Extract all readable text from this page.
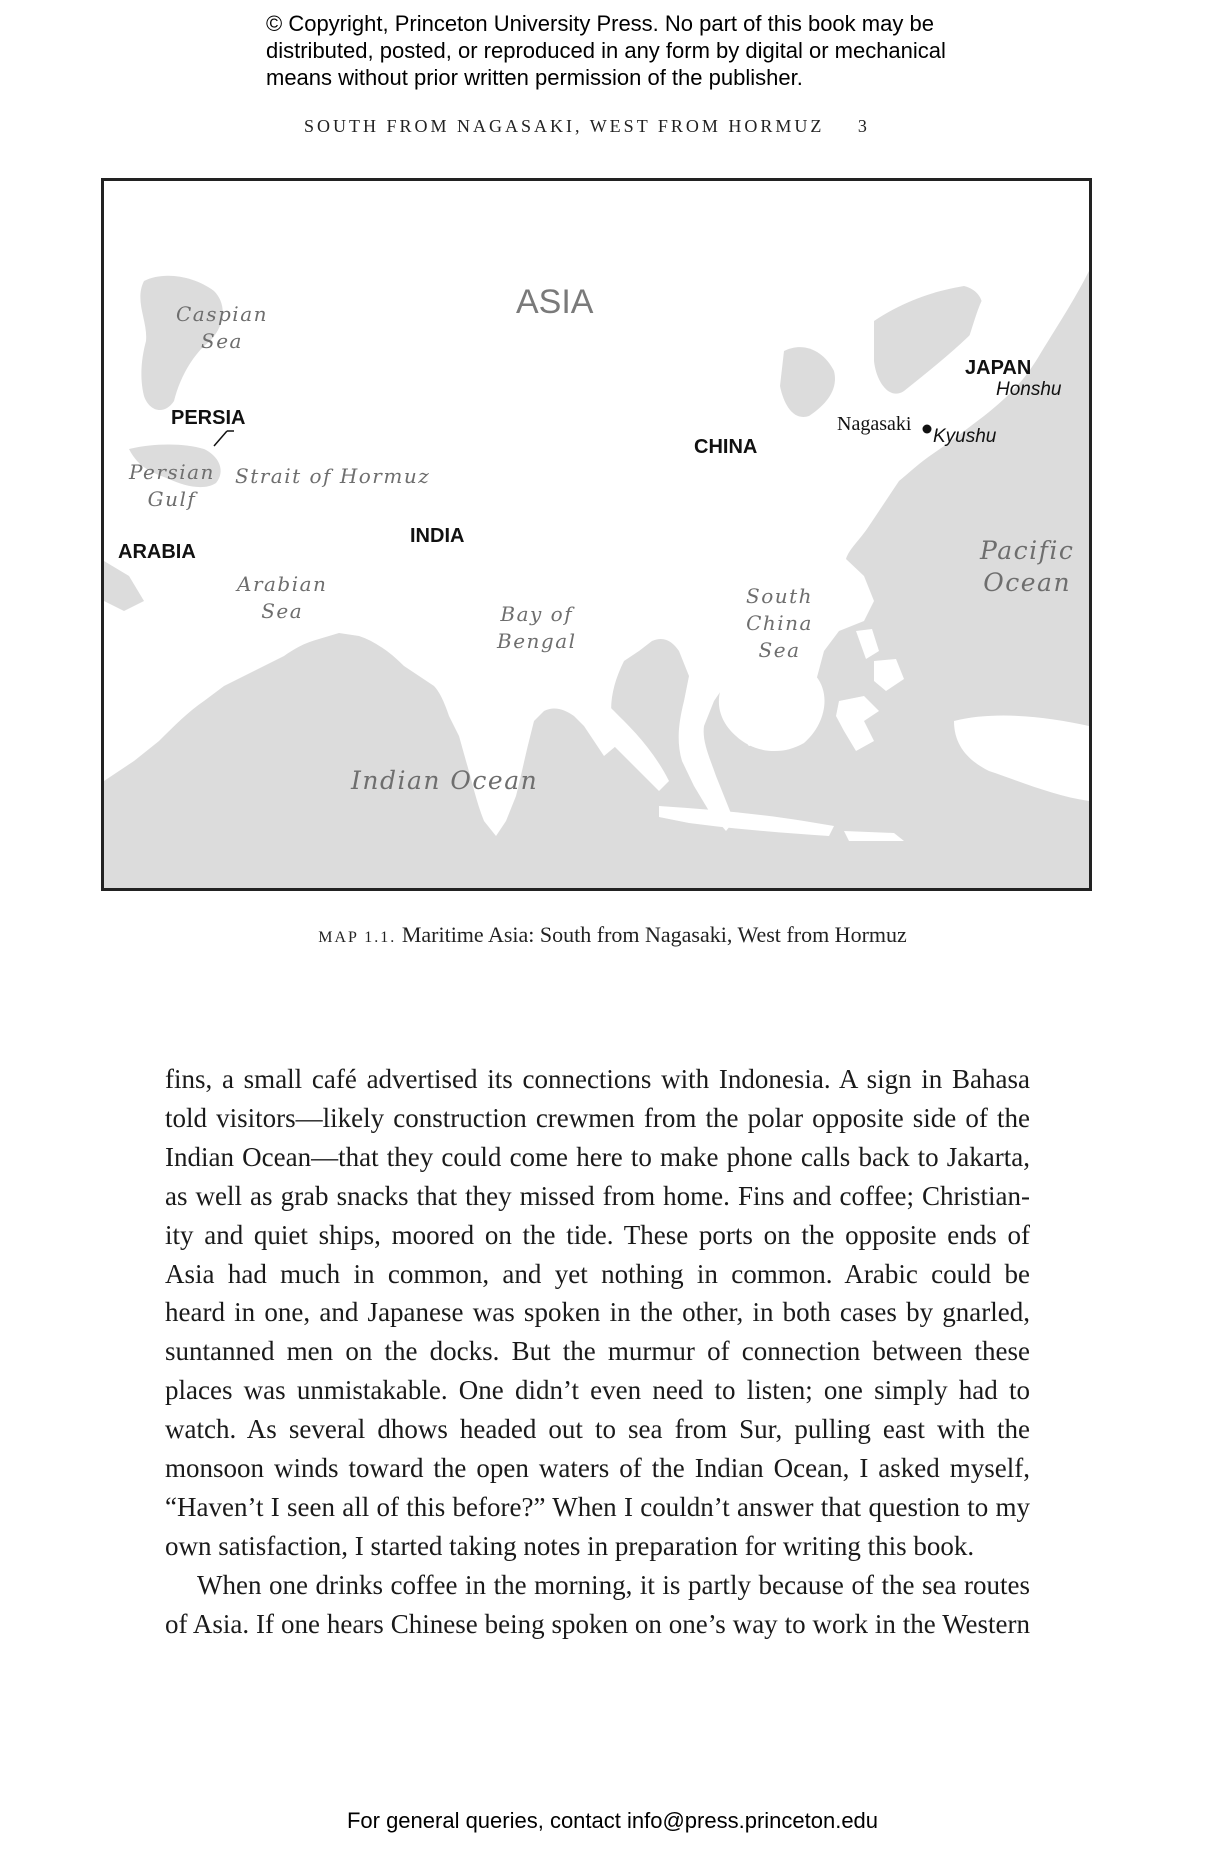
© Copyright, Princeton University Press. No part of this book may be
distributed, posted, or reproduced in any form by digital or mechanical
means without prior written permission of the publisher.
SOUTH FROM NAGASAKI, WEST FROM HORMUZ 3
ASIA
Caspian
Sea
PERSIA
Persian
Gulf
Strait of Hormuz
ARABIA
INDIA
Arabian
Sea	Bay of
Bengal
CHINA
South
China
Sea
Nagasaki
JAPAN
Honshu
Kyushu
Pacific
Ocean
Indian Ocean
MAP 1.1. Maritime Asia: South from Nagasaki, West from Hormuz
fins, a small café advertised its connections with Indonesia. A sign in Bahasa
told visitors—likely construction crewmen from the polar opposite side of the
Indian Ocean—that they could come here to make phone calls back to Jakarta,
as well as grab snacks that they missed from home. Fins and coffee; Christian-
ity and quiet ships, moored on the tide. These ports on the opposite ends of
Asia had much in common, and yet nothing in common. Arabic could be
heard in one, and Japanese was spoken in the other, in both cases by gnarled,
suntanned men on the docks. But the murmur of connection between these
places was unmistakable. One didn’t even need to listen; one simply had to
watch. As several dhows headed out to sea from Sur, pulling east with the
monsoon winds toward the open waters of the Indian Ocean, I asked myself,
“Haven’t I seen all of this before?” When I couldn’t answer that question to my
own satisfaction, I started taking notes in preparation for writing this book.
When one drinks coffee in the morning, it is partly because of the sea routes
of Asia. If one hears Chinese being spoken on one’s way to work in the Western
For general queries, contact info@press.princeton.edu
